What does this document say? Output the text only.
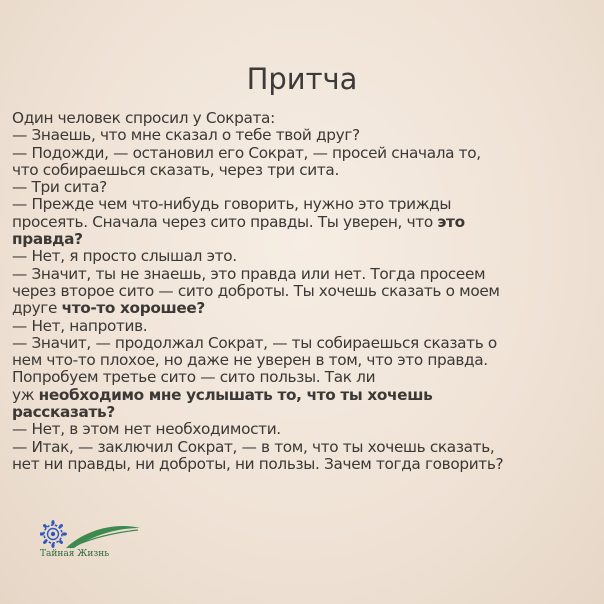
Притча
Один человек спросил у Сократа:
— Знаешь, что мне сказал о тебе твой друг?
— Подожди, — остановил его Сократ, — просей сначала то,
что собираешься сказать, через три сита.
— Три сита?
— Прежде чем что-нибудь говорить, нужно это трижды
просеять. Сначала через сито правды. Ты уверен, что это
правда?
— Нет, я просто слышал это.
— Значит, ты не знаешь, это правда или нет. Тогда просеем
через второе сито — сито доброты. Ты хочешь сказать о моем
друге что-то хорошее?
— Нет, напротив.
— Значит, — продолжал Сократ, — ты собираешься сказать о
нем что-то плохое, но даже не уверен в том, что это правда.
Попробуем третье сито — сито пользы. Так ли
уж необходимо мне услышать то, что ты хочешь
рассказать?
— Нет, в этом нет необходимости.
— Итак, — заключил Сократ, — в том, что ты хочешь сказать,
нет ни правды, ни доброты, ни пользы. Зачем тогда говорить?
Тайная Жизнь
